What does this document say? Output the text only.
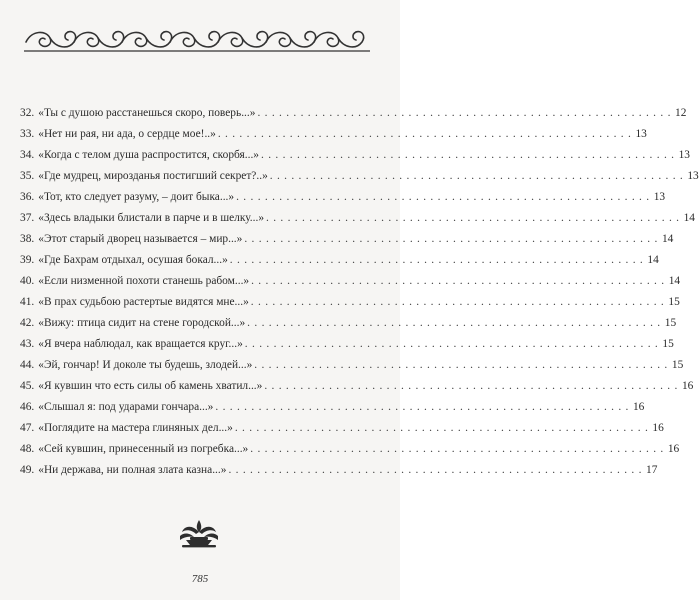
32. «Ты с душою расстанешься скоро, поверь...» . . .	12
33. «Нет ни рая, ни ада, о сердце мое!..» . . .	13
34. «Когда с телом душа распростится, скорбя...» . . .	13
35. «Где мудрец, мирозданья постигший секрет?..» . . .	13
36. «Тот, кто следует разуму, – доит быка...» . . .	13
37. «Здесь владыки блистали в парче и в шелку...» . . .	14
38. «Этот старый дворец называется – мир...» . . .	14
39. «Где Бахрам отдыхал, осушая бокал...» . . .	14
40. «Если низменной похоти станешь рабом...» . . .	14
41. «В прах судьбою растертые видятся мне...» . . .	15
42. «Вижу: птица сидит на стене городской...» . . .	15
43. «Я вчера наблюдал, как вращается круг...» . . .	15
44. «Эй, гончар! И доколе ты будешь, злодей...» . . .	15
45. «Я кувшин что есть силы об камень хватил...» . . .	16
46. «Слышал я: под ударами гончара...» . . .	16
47. «Поглядите на мастера глиняных дел...» . . .	16
48. «Сей кувшин, принесенный из погребка...» . . .	16
49. «Ни держава, ни полная злата казна...» . . .	17
785
